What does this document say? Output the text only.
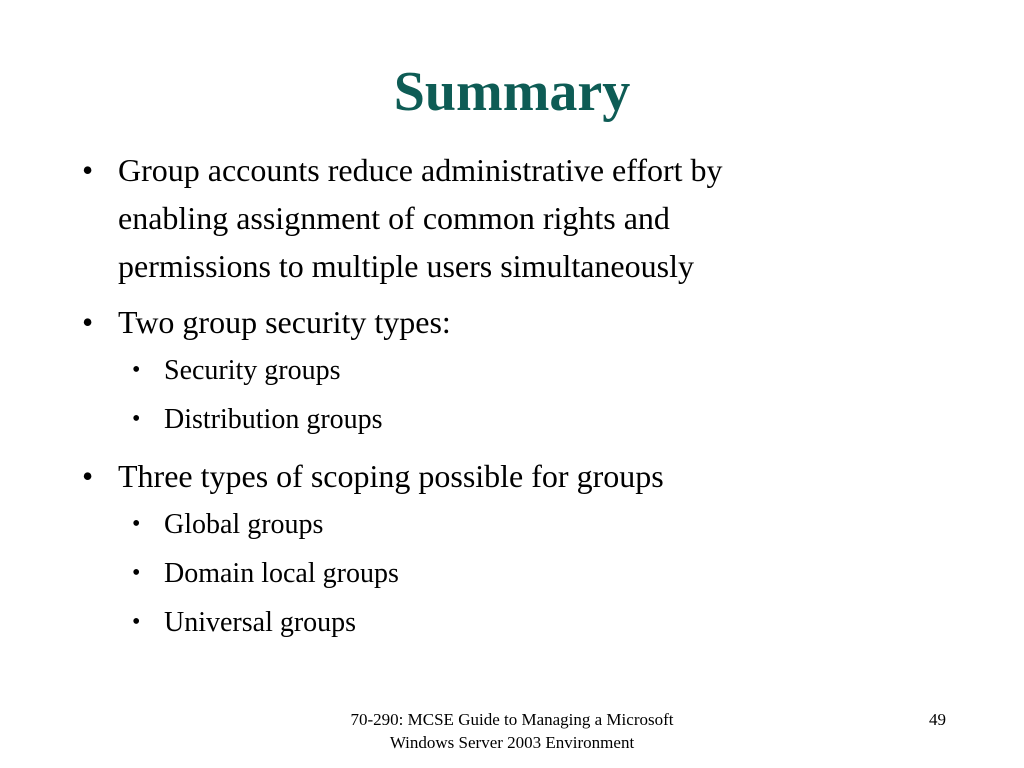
Summary
• Group accounts reduce administrative effort by
enabling assignment of common rights and
permissions to multiple users simultaneously
• Two group security types:
• Security groups
• Distribution groups
• Three types of scoping possible for groups
• Global groups
• Domain local groups
• Universal groups
70-290: MCSE Guide to Managing a Microsoft
Windows Server 2003 Environment
49
